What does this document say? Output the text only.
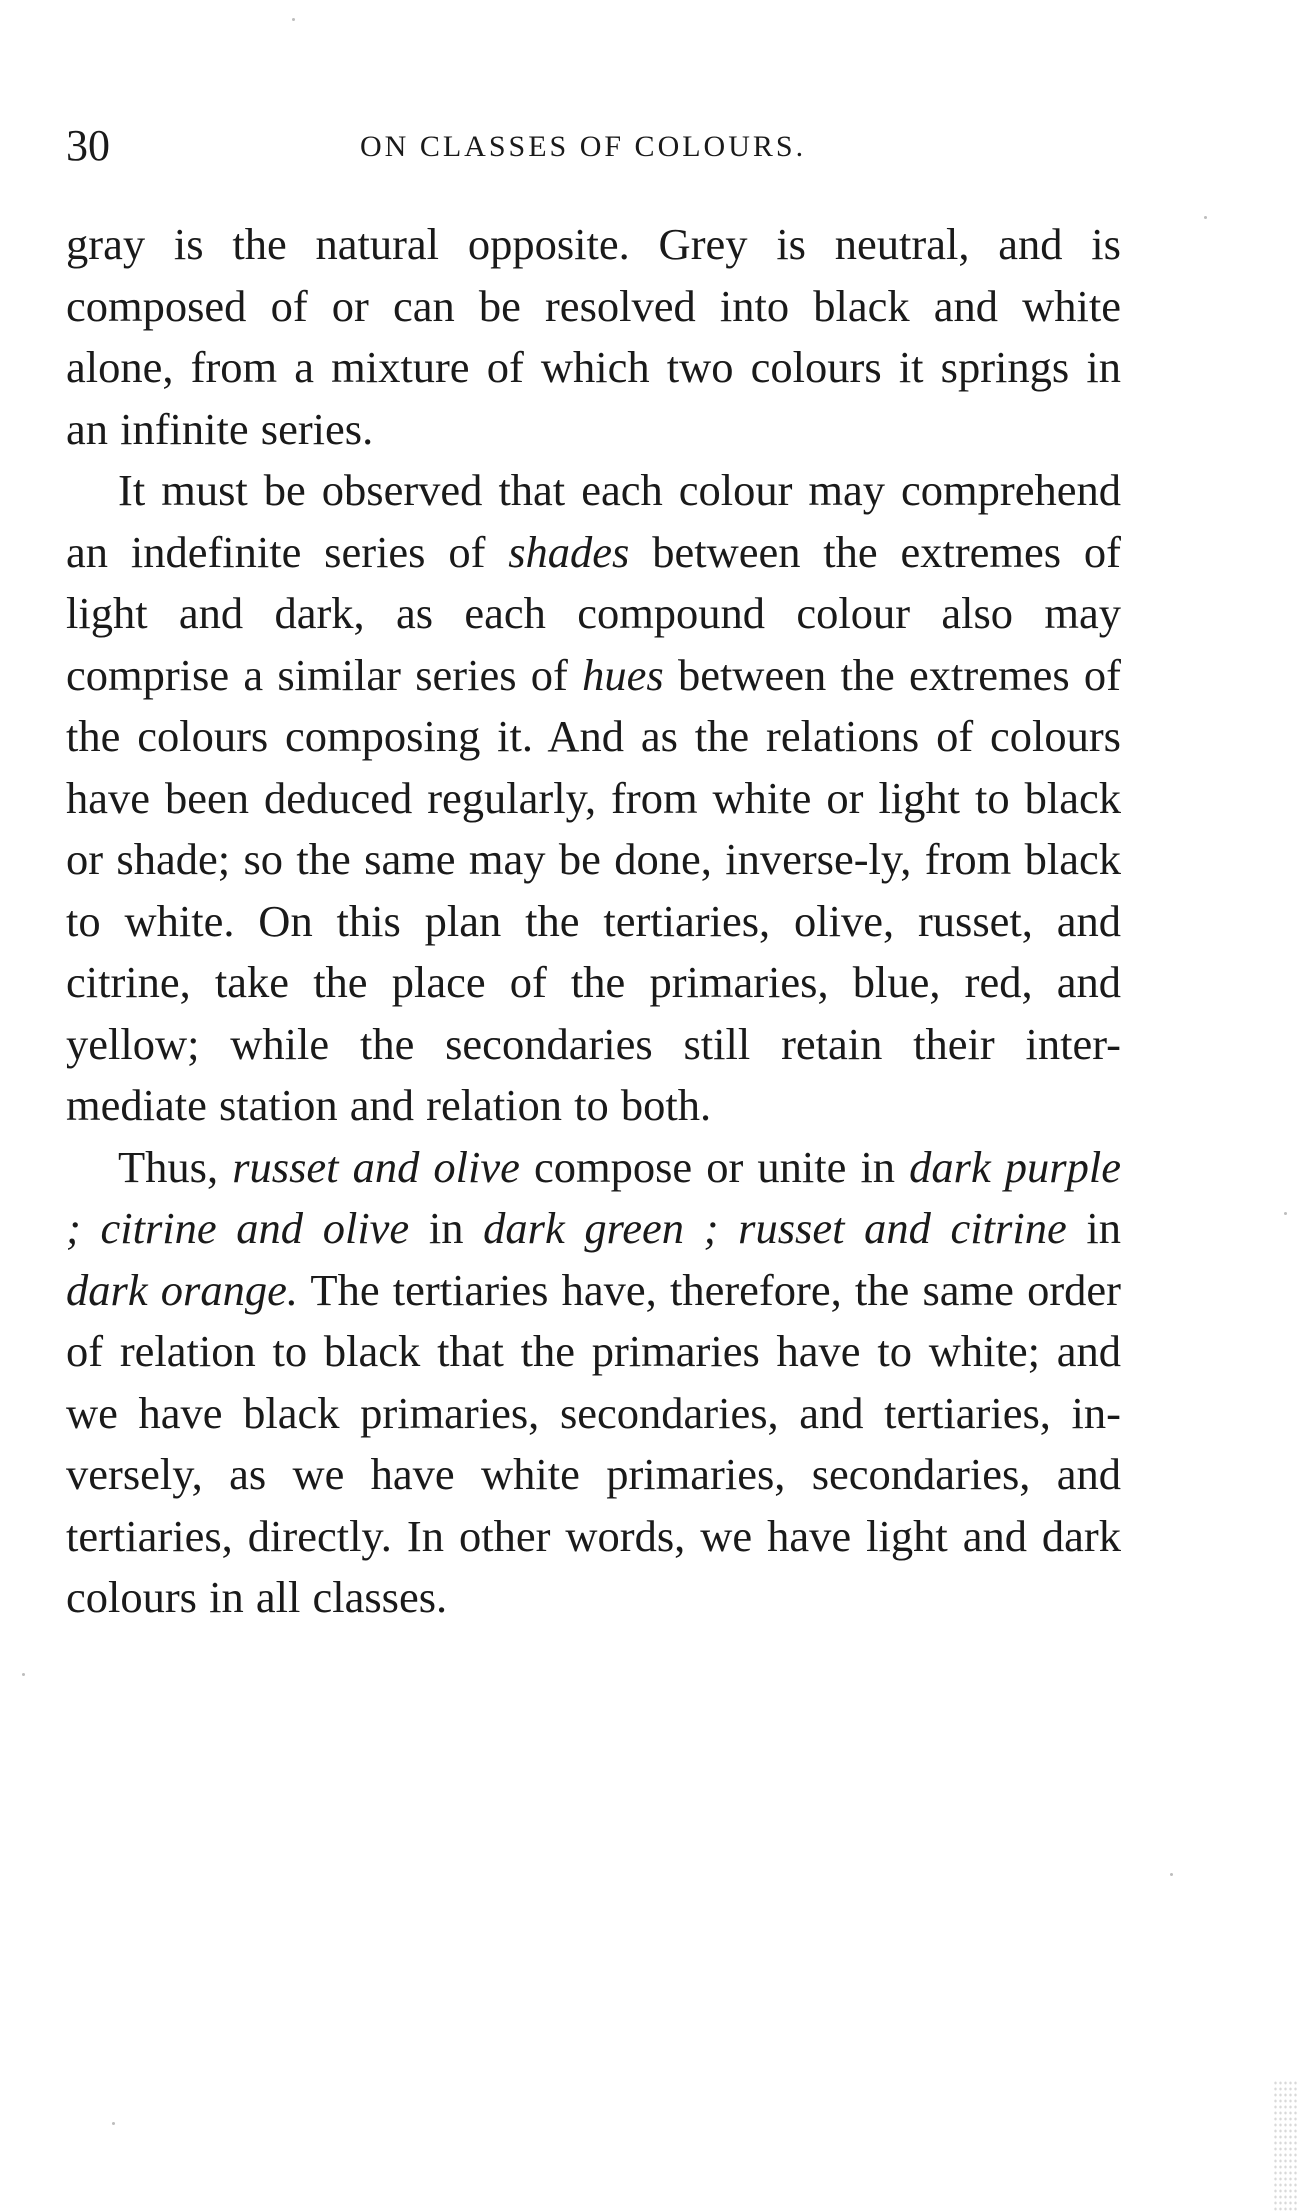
30	ON CLASSES OF COLOURS.

gray is the natural opposite. Grey is neutral, and is composed of or can be resolved into black and white alone, from a mixture of which two colours it springs in an infinite series.

It must be observed that each colour may comprehend an indefinite series of shades between the extremes of light and dark, as each compound colour also may comprise a similar series of hues between the extremes of the colours composing it. And as the relations of colours have been deduced regularly, from white or light to black or shade; so the same may be done, inverse-ly, from black to white. On this plan the tertiaries, olive, russet, and citrine, take the place of the primaries, blue, red, and yellow; while the secondaries still retain their inter-mediate station and relation to both.

Thus, russet and olive compose or unite in dark purple ; citrine and olive in dark green ; russet and citrine in dark orange. The tertiaries have, therefore, the same order of relation to black that the primaries have to white; and we have black primaries, secondaries, and tertiaries, in-versely, as we have white primaries, secondaries, and tertiaries, directly. In other words, we have light and dark colours in all classes.
